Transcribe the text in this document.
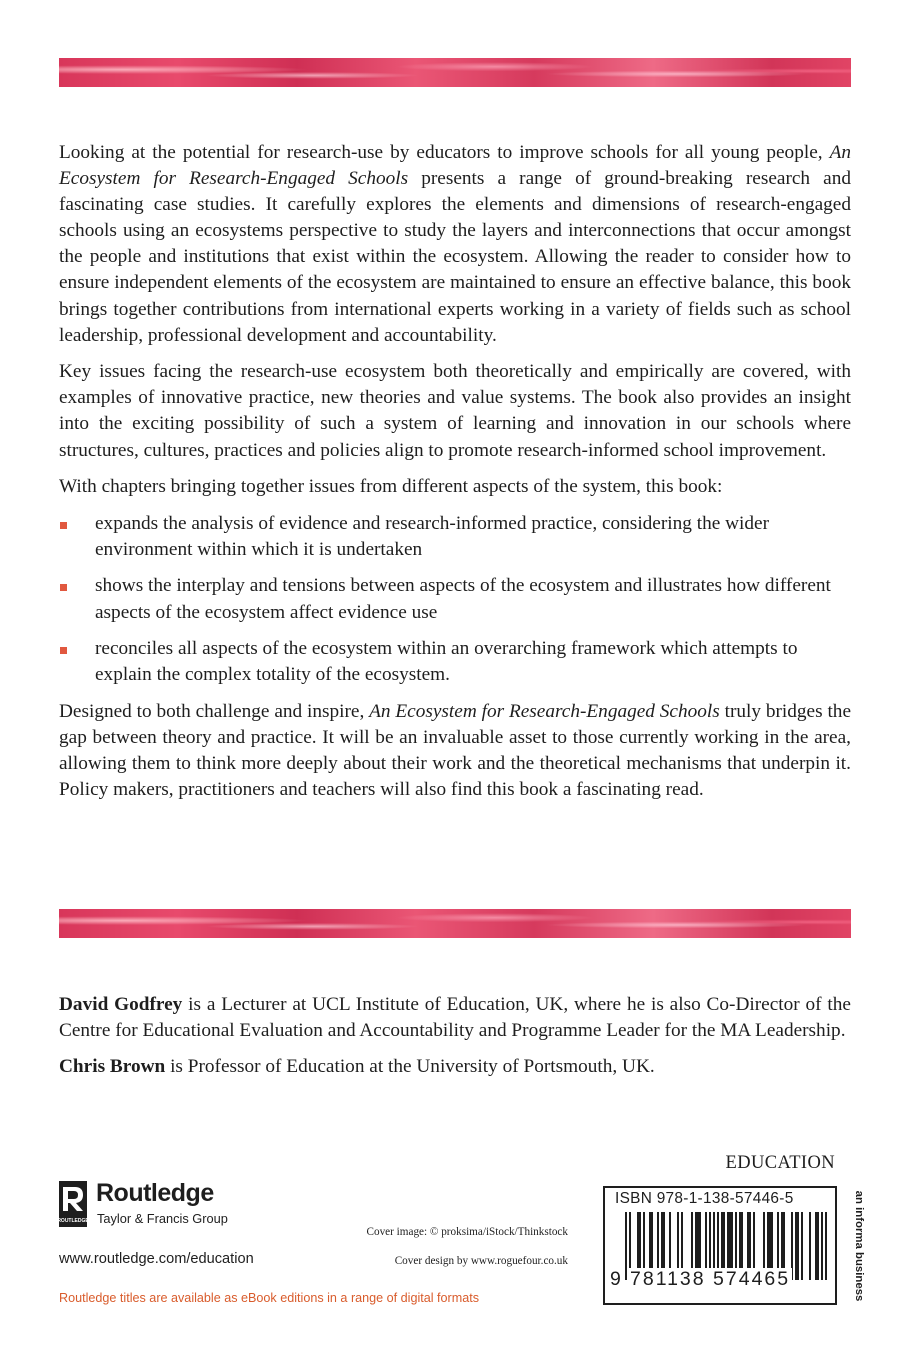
Looking at the potential for research-use by educators to improve schools for all young people, An Ecosystem for Research-Engaged Schools presents a range of ground-breaking research and fascinating case studies. It carefully explores the elements and dimensions of research-engaged schools using an ecosystems perspective to study the layers and interconnections that occur amongst the people and institutions that exist within the ecosystem. Allowing the reader to consider how to ensure independent elements of the ecosystem are maintained to ensure an effective balance, this book brings together contributions from international experts working in a variety of fields such as school leadership, professional development and accountability.

Key issues facing the research-use ecosystem both theoretically and empirically are covered, with examples of innovative practice, new theories and value systems. The book also provides an insight into the exciting possibility of such a system of learning and innovation in our schools where structures, cultures, practices and policies align to promote research-informed school improvement.

With chapters bringing together issues from different aspects of the system, this book:

expands the analysis of evidence and research-informed practice, considering the wider environment within which it is undertaken
shows the interplay and tensions between aspects of the ecosystem and illustrates how different aspects of the ecosystem affect evidence use
reconciles all aspects of the ecosystem within an overarching framework which attempts to explain the complex totality of the ecosystem.

Designed to both challenge and inspire, An Ecosystem for Research-Engaged Schools truly bridges the gap between theory and practice. It will be an invaluable asset to those currently working in the area, allowing them to think more deeply about their work and the theoretical mechanisms that underpin it. Policy makers, practitioners and teachers will also find this book a fascinating read.

David Godfrey is a Lecturer at UCL Institute of Education, UK, where he is also Co-Director of the Centre for Educational Evaluation and Accountability and Programme Leader for the MA Leadership.

Chris Brown is Professor of Education at the University of Portsmouth, UK.

EDUCATION
ROUTLEDGE
Routledge
Taylor & Francis Group
www.routledge.com/education
Routledge titles are available as eBook editions in a range of digital formats
Cover image: © proksima/iStock/Thinkstock
Cover design by www.roguefour.co.uk
ISBN 978-1-138-57446-5
9 781138 574465	an informa business
